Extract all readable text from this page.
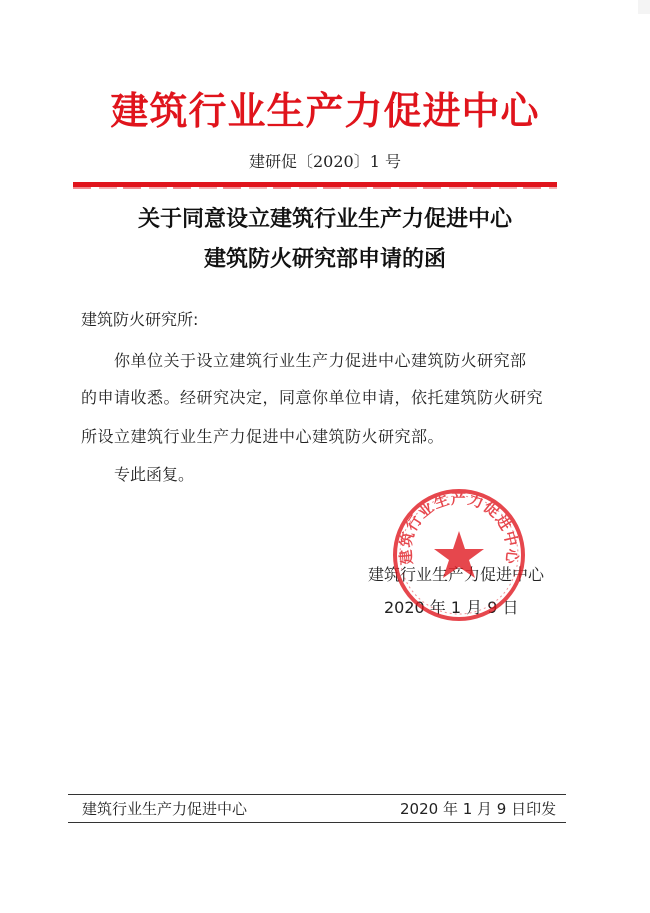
建筑行业生产力促进中心
建研促〔2020〕1 号
关于同意设立建筑行业生产力促进中心
建筑防火研究部申请的函
建筑防火研究所:
你单位关于设立建筑行业生产力促进中心建筑防火研究部
的申请收悉。经研究决定，同意你单位申请，依托建筑防火研究
所设立建筑行业生产力促进中心建筑防火研究部。
专此函复。
建筑行业生产力促进中心
2020 年 1 月 9 日
建筑行业生产力促进中心
建筑行业生产力促进中心	2020 年 1 月 9 日印发
